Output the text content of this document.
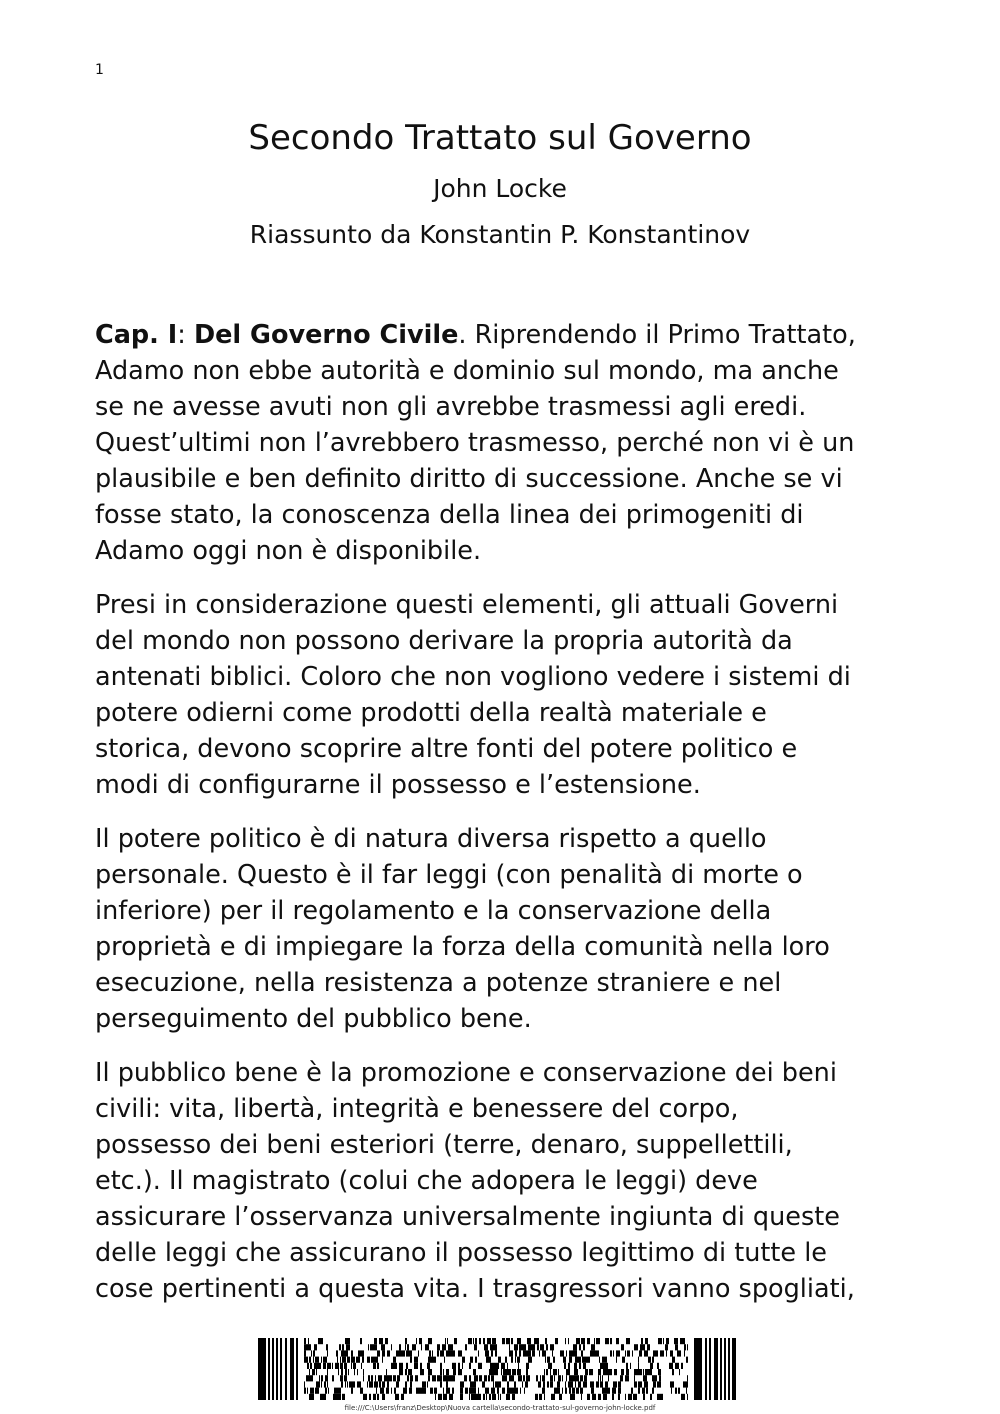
1
Secondo Trattato sul Governo
John Locke
Riassunto da Konstantin P. Konstantinov

Cap. I: Del Governo Civile. Riprendendo il Primo Trattato,
Adamo non ebbe autorità e dominio sul mondo, ma anche
se ne avesse avuti non gli avrebbe trasmessi agli eredi.
Quest’ultimi non l’avrebbero trasmesso, perché non vi è un
plausibile e ben definito diritto di successione. Anche se vi
fosse stato, la conoscenza della linea dei primogeniti di
Adamo oggi non è disponibile.

Presi in considerazione questi elementi, gli attuali Governi
del mondo non possono derivare la propria autorità da
antenati biblici. Coloro che non vogliono vedere i sistemi di
potere odierni come prodotti della realtà materiale e
storica, devono scoprire altre fonti del potere politico e
modi di configurarne il possesso e l’estensione.

Il potere politico è di natura diversa rispetto a quello
personale. Questo è il far leggi (con penalità di morte o
inferiore) per il regolamento e la conservazione della
proprietà e di impiegare la forza della comunità nella loro
esecuzione, nella resistenza a potenze straniere e nel
perseguimento del pubblico bene.

Il pubblico bene è la promozione e conservazione dei beni
civili: vita, libertà, integrità e benessere del corpo,
possesso dei beni esteriori (terre, denaro, suppellettili,
etc.). Il magistrato (colui che adopera le leggi) deve
assicurare l’osservanza universalmente ingiunta di queste
delle leggi che assicurano il possesso legittimo di tutte le
cose pertinenti a questa vita. I trasgressori vanno spogliati,

file:///C:\Users\franz\Desktop\Nuova cartella\secondo-trattato-sul-governo-john-locke.pdf
